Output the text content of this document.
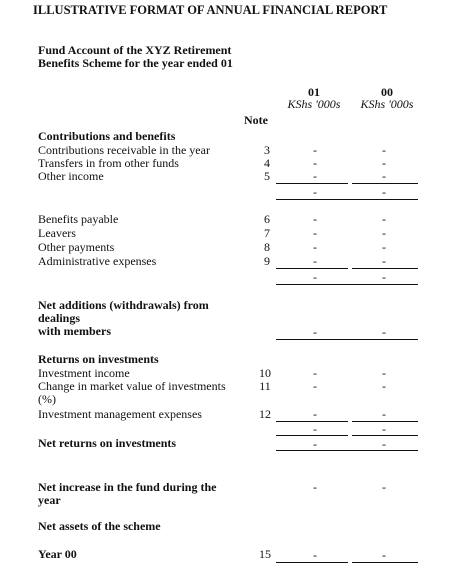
ILLUSTRATIVE FORMAT OF ANNUAL FINANCIAL REPORT
Fund Account of the XYZ Retirement
Benefits Scheme for the year ended 01
01	00
KShs '000s	KShs '000s
Note
Contributions and benefits
Contributions receivable in the year	3	-	-
Transfers in from other funds	4	-	-
Other income	5	-	-
-	-
Benefits payable	6	-	-
Leavers	7	-	-
Other payments	8	-	-
Administrative expenses	9	-	-
-	-
Net additions (withdrawals) from
dealings
with members	-	-
Returns on investments
Investment income	10	-	-
Change in market value of investments
(%)
11	-	-
Investment management expenses	12	-	-
-	-
Net returns on investments	-	-
Net increase in the fund during the
year
-	-
Net assets of the scheme
Year 00	15	-	-
